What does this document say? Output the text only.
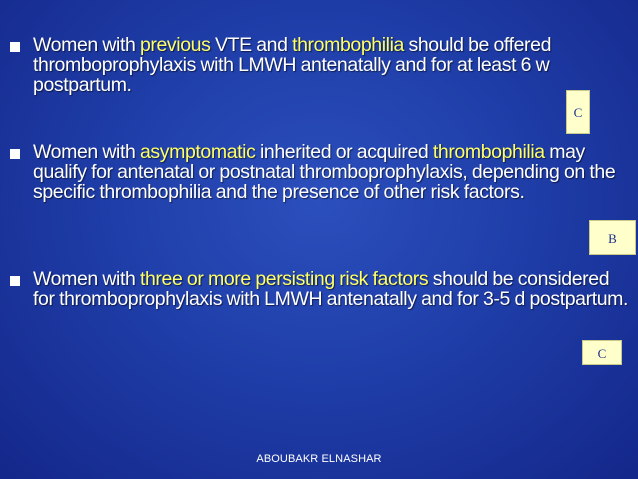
Women with previous VTE and thrombophilia should be offered thromboprophylaxis with LMWH antenatally and for at least 6 w postpartum.
C
Women with asymptomatic inherited or acquired thrombophilia may qualify for antenatal or postnatal thromboprophylaxis, depending on the specific thrombophilia and the presence of other risk factors.
B
Women with three or more persisting risk factors should be considered for thromboprophylaxis with LMWH antenatally and for 3-5 d postpartum.
C
ABOUBAKR ELNASHAR
